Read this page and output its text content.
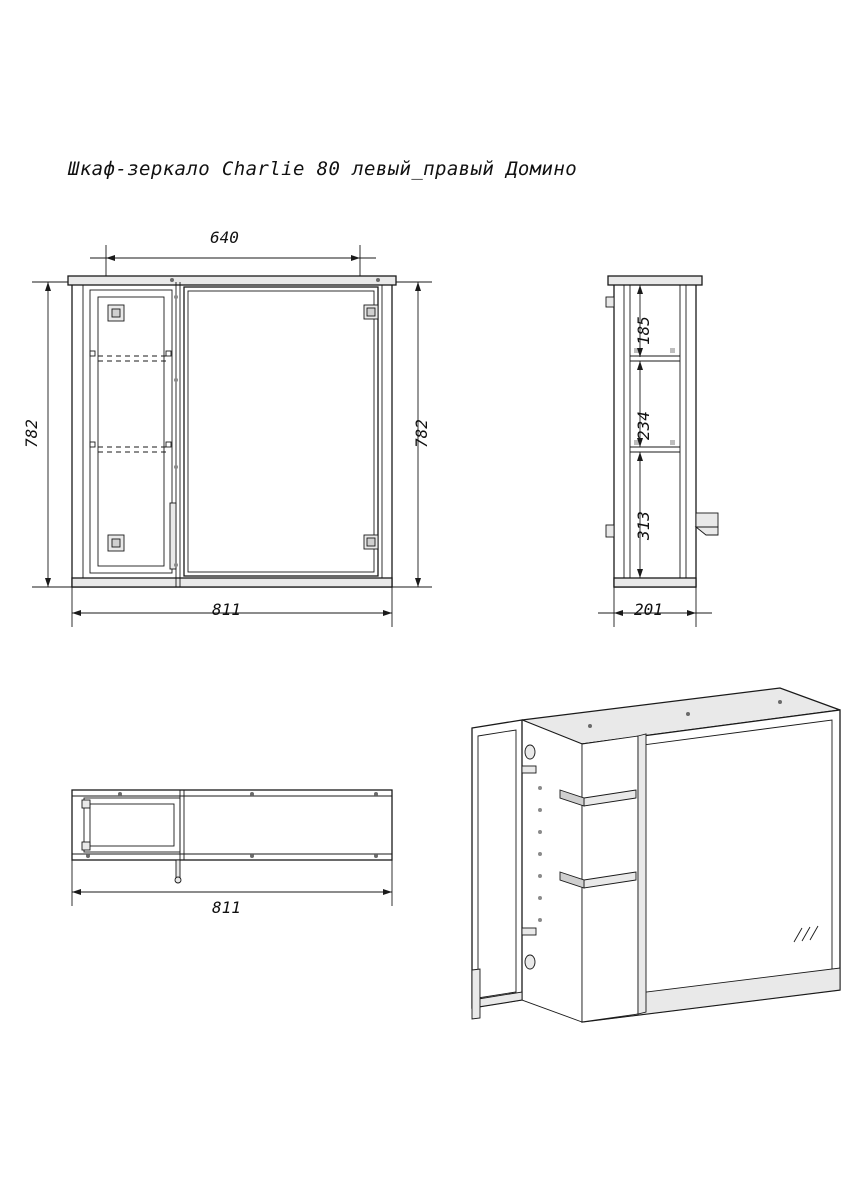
Шкаф-зеркало Charlie 80 левый_правый Домино
640
782	782
811
185
234
313
201
811
